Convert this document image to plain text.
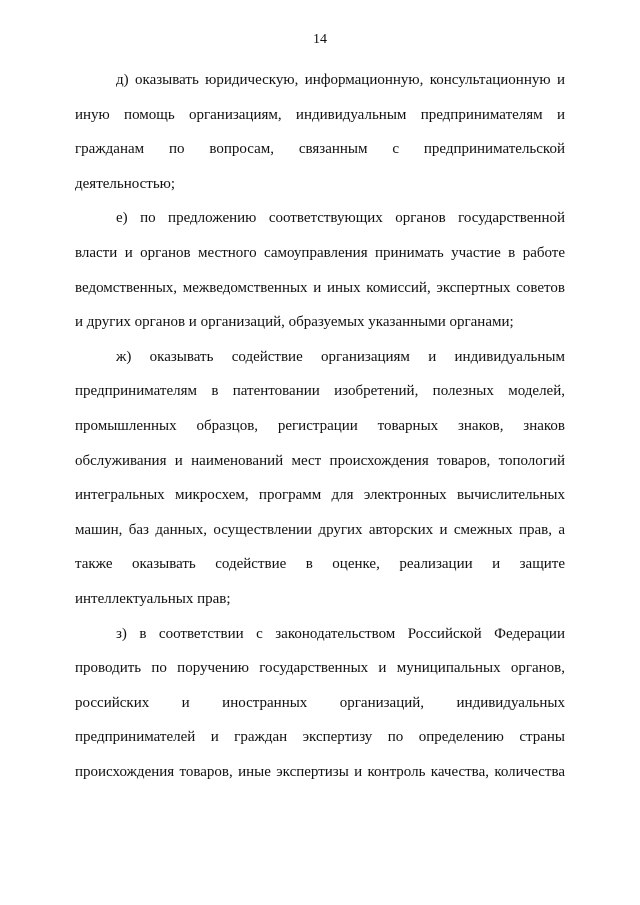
14
д) оказывать юридическую, информационную, консультационную и
иную помощь организациям, индивидуальным предпринимателям и
гражданам по вопросам, связанным с предпринимательской
деятельностью;
е) по предложению соответствующих органов государственной
власти и органов местного самоуправления принимать участие в работе
ведомственных, межведомственных и иных комиссий, экспертных советов
и других органов и организаций, образуемых указанными органами;
ж) оказывать содействие организациям и индивидуальным
предпринимателям в патентовании изобретений, полезных моделей,
промышленных образцов, регистрации товарных знаков, знаков
обслуживания и наименований мест происхождения товаров, топологий
интегральных микросхем, программ для электронных вычислительных
машин, баз данных, осуществлении других авторских и смежных прав, а
также оказывать содействие в оценке, реализации и защите
интеллектуальных прав;
з) в соответствии с законодательством Российской Федерации
проводить по поручению государственных и муниципальных органов,
российских и иностранных организаций, индивидуальных
предпринимателей и граждан экспертизу по определению страны
происхождения товаров, иные экспертизы и контроль качества, количества
